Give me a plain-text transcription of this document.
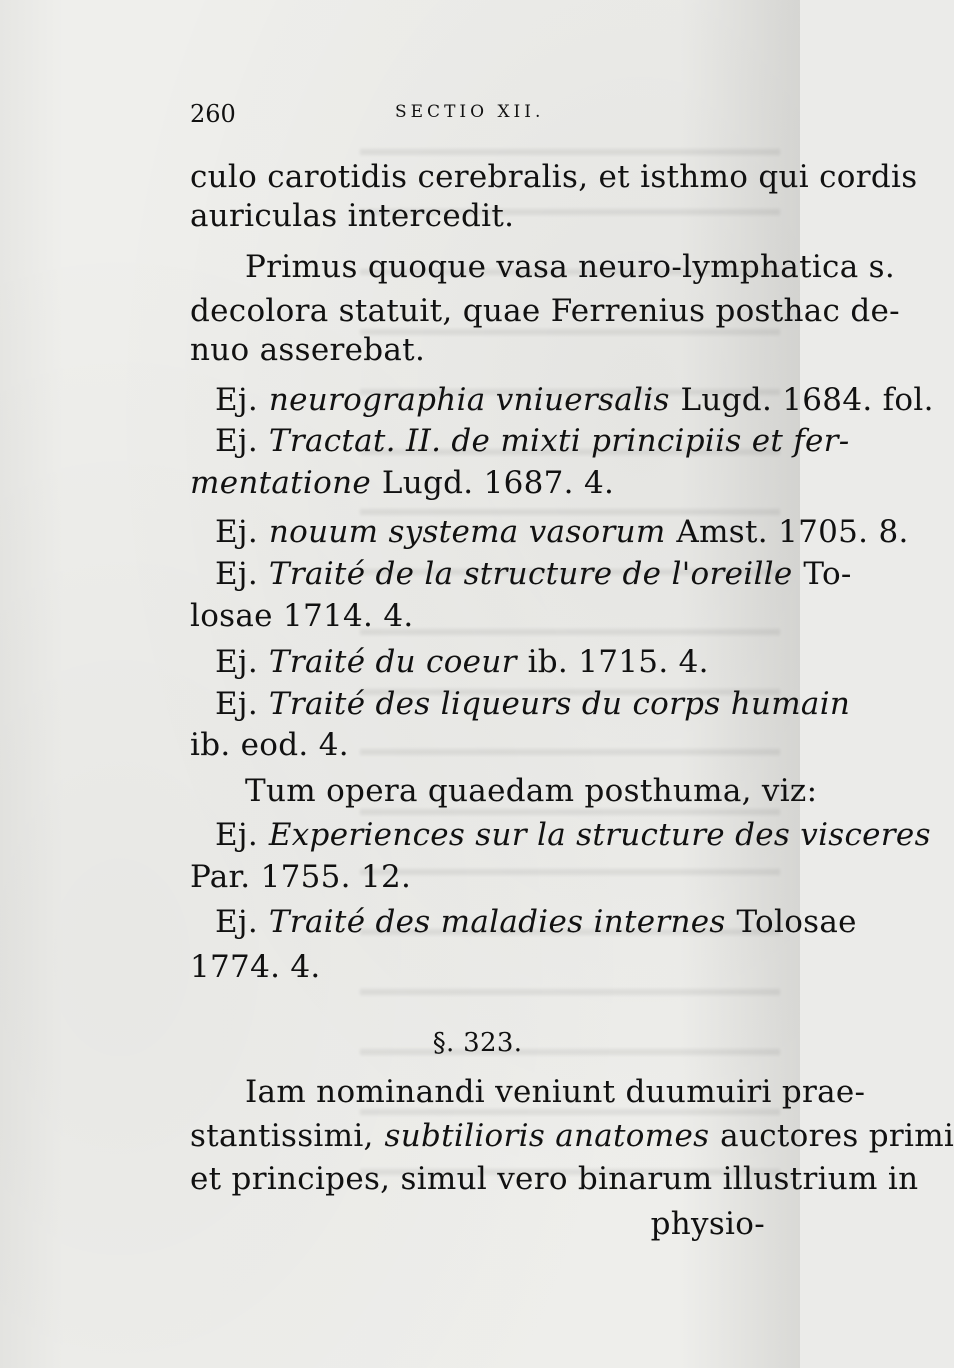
260	SECTIO XII.
culo carotidis cerebralis, et isthmo qui cordis
auriculas intercedit.
Primus quoque vasa neuro-lymphatica s.
decolora statuit, quae Ferrenius posthac de-
nuo asserebat.
Ej. neurographia vniuersalis Lugd. 1684. fol.
Ej. Tractat. II. de mixti principiis et fer-
mentatione Lugd. 1687. 4.
Ej. nouum systema vasorum Amst. 1705. 8.
Ej. Traité de la structure de l'oreille To-
losae 1714. 4.
Ej. Traité du coeur ib. 1715. 4.
Ej. Traité des liqueurs du corps humain
ib. eod. 4.
Tum opera quaedam posthuma, viz:
Ej. Experiences sur la structure des visceres
Par. 1755. 12.
Ej. Traité des maladies internes Tolosae
1774. 4.
§. 323.
Iam nominandi veniunt duumuiri prae-
stantissimi, subtilioris anatomes auctores primi
et principes, simul vero binarum illustrium in
physio-
